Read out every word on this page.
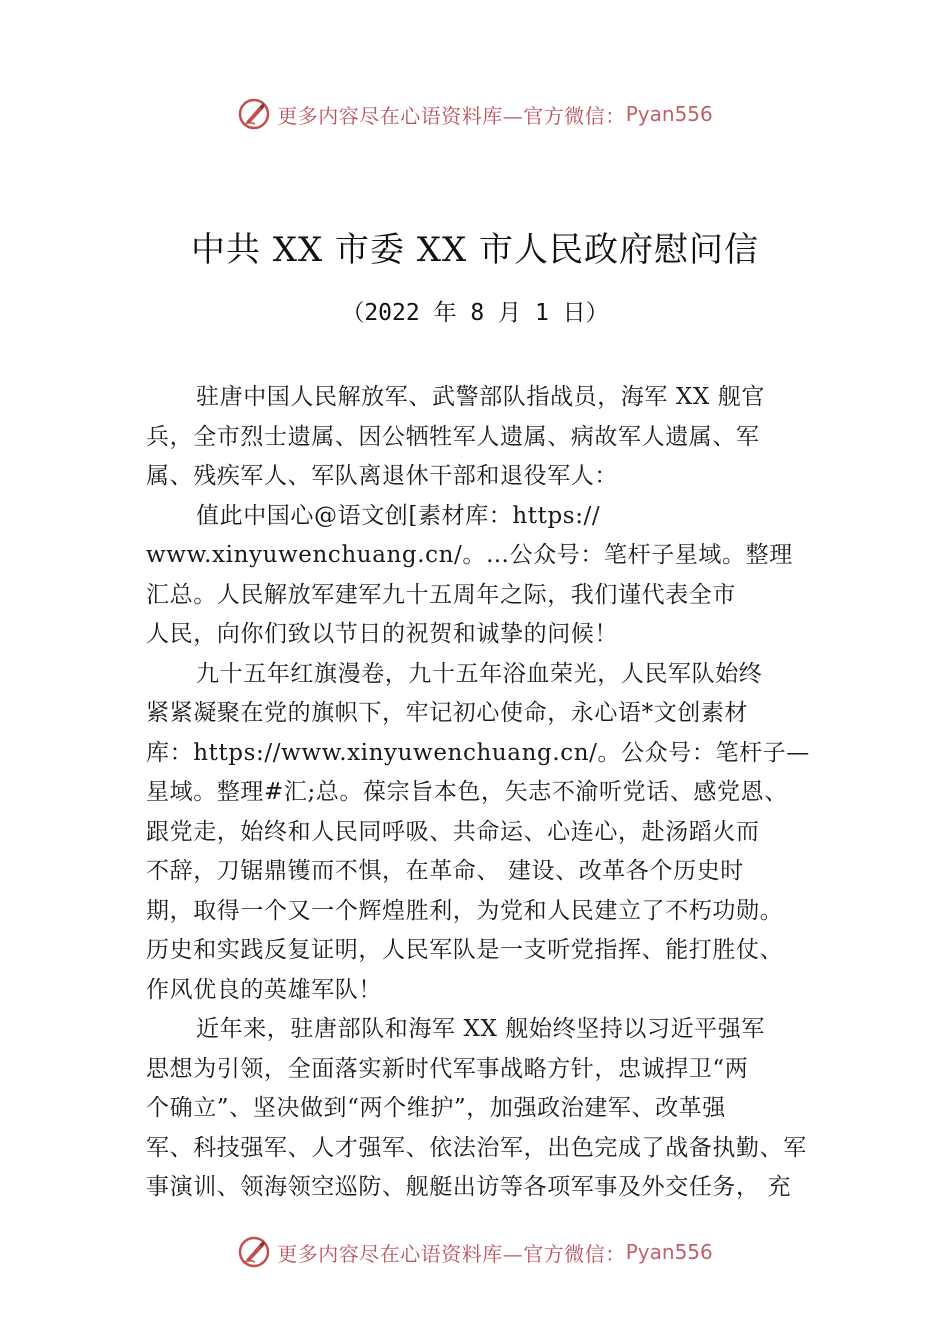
更多内容尽在心语资料库—官方微信： Pyan556
中共 XX 市委 XX 市人民政府慰问信
（2022 年 8 月 1 日）
驻唐中国人民解放军、武警部队指战员，海军 XX 舰官
兵，全市烈士遗属、因公牺牲军人遗属、病故军人遗属、军
属、残疾军人、军队离退休干部和退役军人：
值此中国心@语文创[素材库：https://
www.xinyuwenchuang.cn/。…公众号：笔杆子星域。整理
汇总。人民解放军建军九十五周年之际，我们谨代表全市
人民，向你们致以节日的祝贺和诚挚的问候！
九十五年红旗漫卷，九十五年浴血荣光，人民军队始终
紧紧凝聚在党的旗帜下，牢记初心使命，永心语*文创素材
库：https://www.xinyuwenchuang.cn/。公众号：笔杆子—
星域。整理#汇;总。葆宗旨本色，矢志不渝听党话、感党恩、
跟党走，始终和人民同呼吸、共命运、心连心，赴汤蹈火而
不辞，刀锯鼎镬而不惧，在革命、 建设、改革各个历史时
期，取得一个又一个辉煌胜利，为党和人民建立了不朽功勋。
历史和实践反复证明，人民军队是一支听党指挥、能打胜仗、
作风优良的英雄军队！
近年来，驻唐部队和海军 XX 舰始终坚持以习近平强军
思想为引领，全面落实新时代军事战略方针，忠诚捍卫“两
个确立”、坚决做到“两个维护”，加强政治建军、改革强
军、科技强军、人才强军、依法治军，出色完成了战备执勤、军
事演训、领海领空巡防、舰艇出访等各项军事及外交任务， 充
更多内容尽在心语资料库—官方微信： Pyan556
